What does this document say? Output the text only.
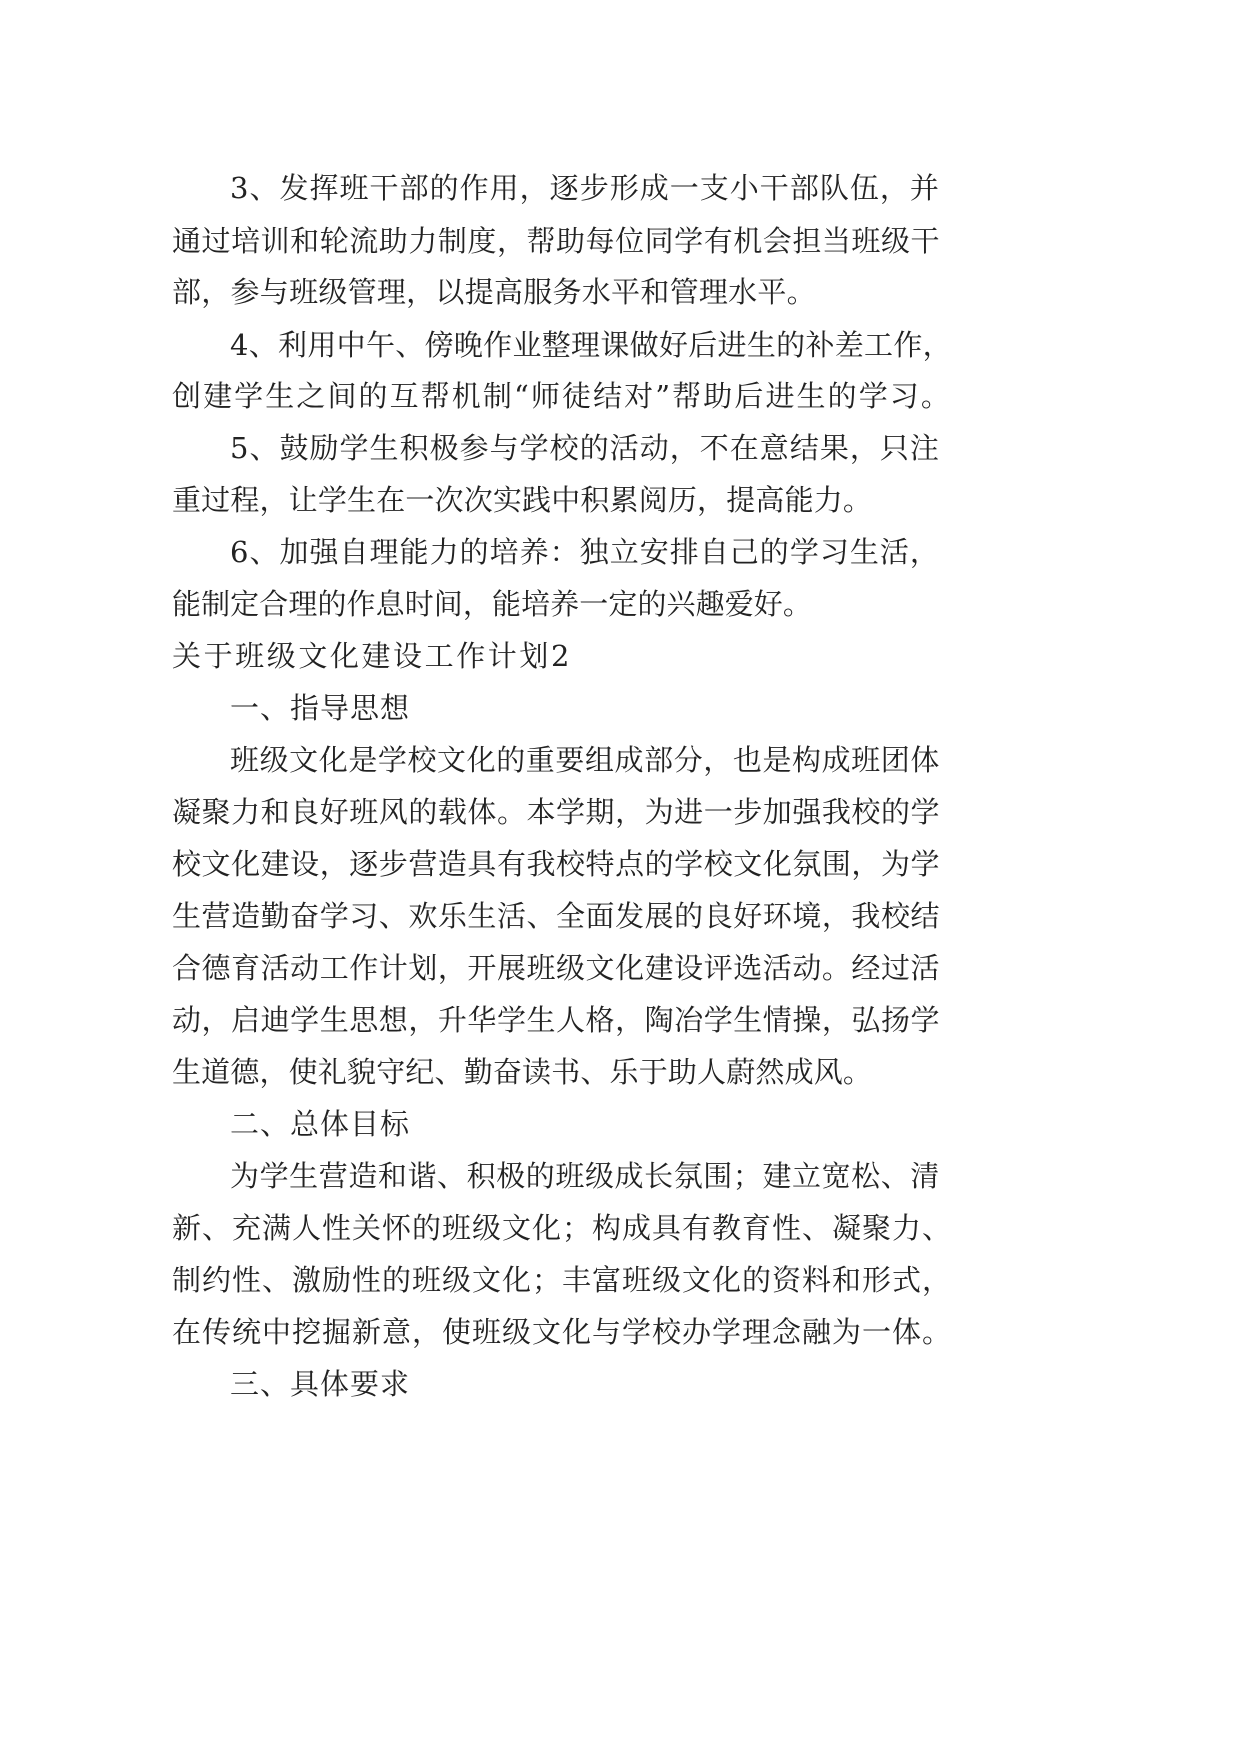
3、发挥班干部的作用，逐步形成一支小干部队伍，并

通过培训和轮流助力制度，帮助每位同学有机会担当班级干

部，参与班级管理，以提高服务水平和管理水平。

4、利用中午、傍晚作业整理课做好后进生的补差工作，

创建学生之间的互帮机制“师徒结对”帮助后进生的学习。

5、鼓励学生积极参与学校的活动，不在意结果，只注

重过程，让学生在一次次实践中积累阅历，提高能力。

6、加强自理能力的培养：独立安排自己的学习生活，

能制定合理的作息时间，能培养一定的兴趣爱好。

关于班级文化建设工作计划2

一、指导思想

班级文化是学校文化的重要组成部分，也是构成班团体

凝聚力和良好班风的载体。本学期，为进一步加强我校的学

校文化建设，逐步营造具有我校特点的学校文化氛围，为学

生营造勤奋学习、欢乐生活、全面发展的良好环境，我校结

合德育活动工作计划，开展班级文化建设评选活动。经过活

动，启迪学生思想，升华学生人格，陶冶学生情操，弘扬学

生道德，使礼貌守纪、勤奋读书、乐于助人蔚然成风。

二、总体目标

为学生营造和谐、积极的班级成长氛围；建立宽松、清

新、充满人性关怀的班级文化；构成具有教育性、凝聚力、

制约性、激励性的班级文化；丰富班级文化的资料和形式，

在传统中挖掘新意，使班级文化与学校办学理念融为一体。

三、具体要求
